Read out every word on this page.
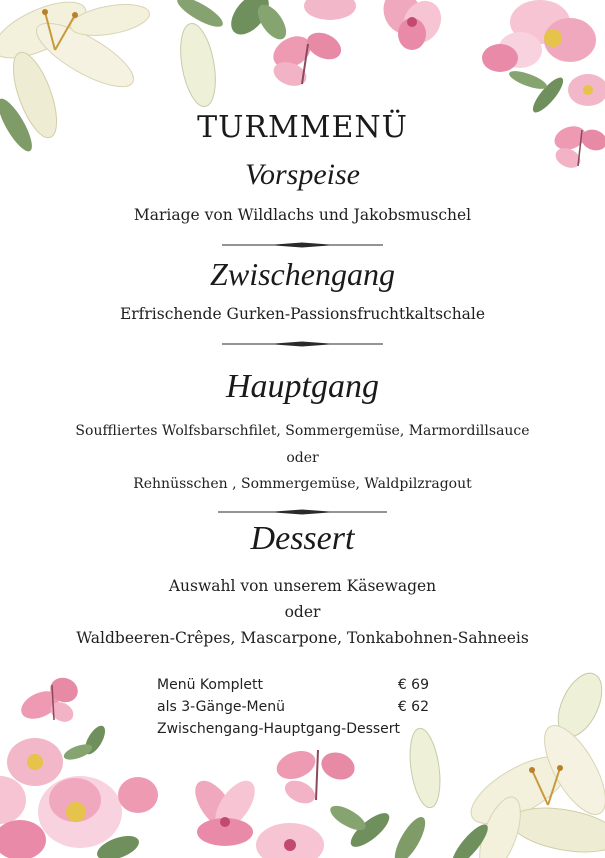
TURMMENÜ
Vorspeise
Mariage von Wildlachs und Jakobsmuschel
Zwischengang
Erfrischende Gurken-Passionsfruchtkaltschale
Hauptgang
Souffliertes Wolfsbarschfilet, Sommergemüse, Marmordillsauce
oder
Rehnüsschen , Sommergemüse, Waldpilzragout
Dessert
Auswahl von unserem Käsewagen
oder
Waldbeeren-Crêpes, Mascarpone, Tonkabohnen-Sahneeis
Menü Komplett	€ 69
als 3-Gänge-Menü	€ 62
Zwischengang-Hauptgang-Dessert
